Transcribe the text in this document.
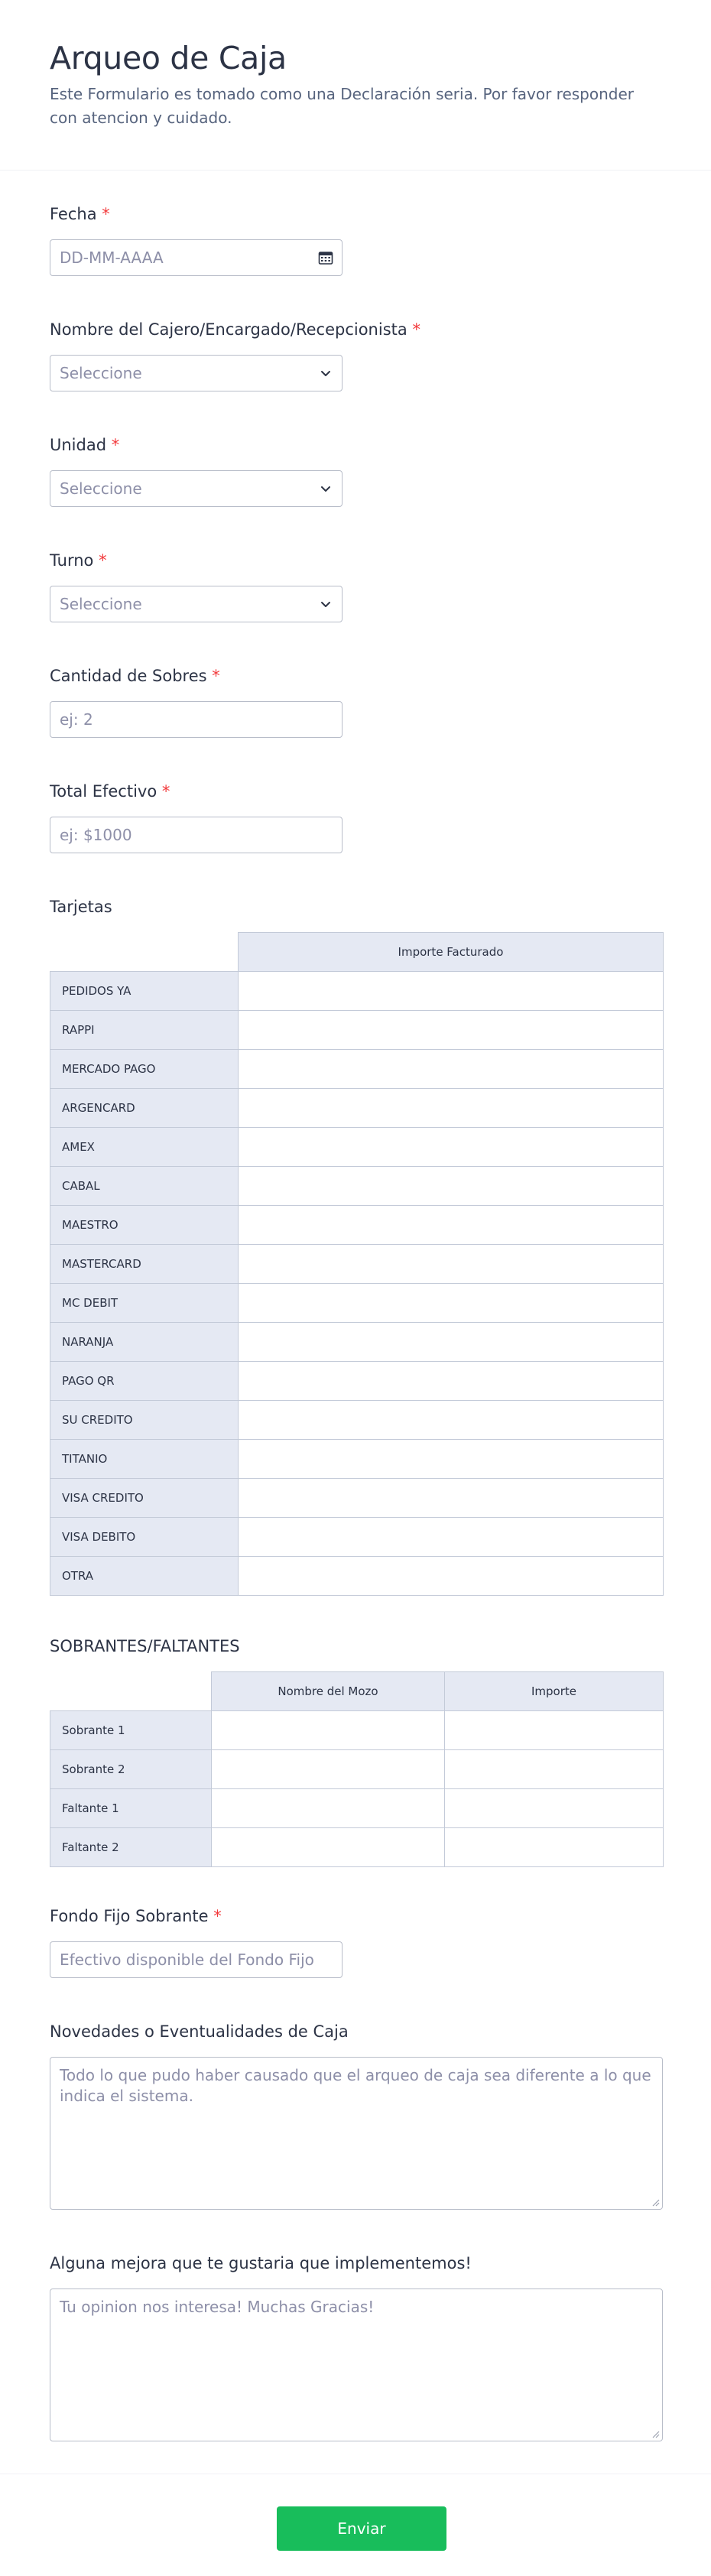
Arqueo de Caja

Este Formulario es tomado como una Declaración seria. Por favor responder con atencion y cuidado.

Fecha *
DD-MM-AAAA
Nombre del Cajero/Encargado/Recepcionista *
Seleccione
Unidad *
Seleccione
Turno *
Seleccione
Cantidad de Sobres *
ej: 2
Total Efectivo *
ej: $1000
Tarjetas
	Importe Facturado
PEDIDOS YA	
RAPPI	
MERCADO PAGO	
ARGENCARD	
AMEX	
CABAL	
MAESTRO	
MASTERCARD	
MC DEBIT	
NARANJA	
PAGO QR	
SU CREDITO	
TITANIO	
VISA CREDITO	
VISA DEBITO	
OTRA	
SOBRANTES/FALTANTES
	Nombre del Mozo	Importe
Sobrante 1		
Sobrante 2		
Faltante 1		
Faltante 2		
Fondo Fijo Sobrante *
Efectivo disponible del Fondo Fijo
Novedades o Eventualidades de Caja
Todo lo que pudo haber causado que el arqueo de caja sea diferente a lo que indica el sistema.
Alguna mejora que te gustaria que implementemos!
Tu opinion nos interesa! Muchas Gracias!
Enviar
